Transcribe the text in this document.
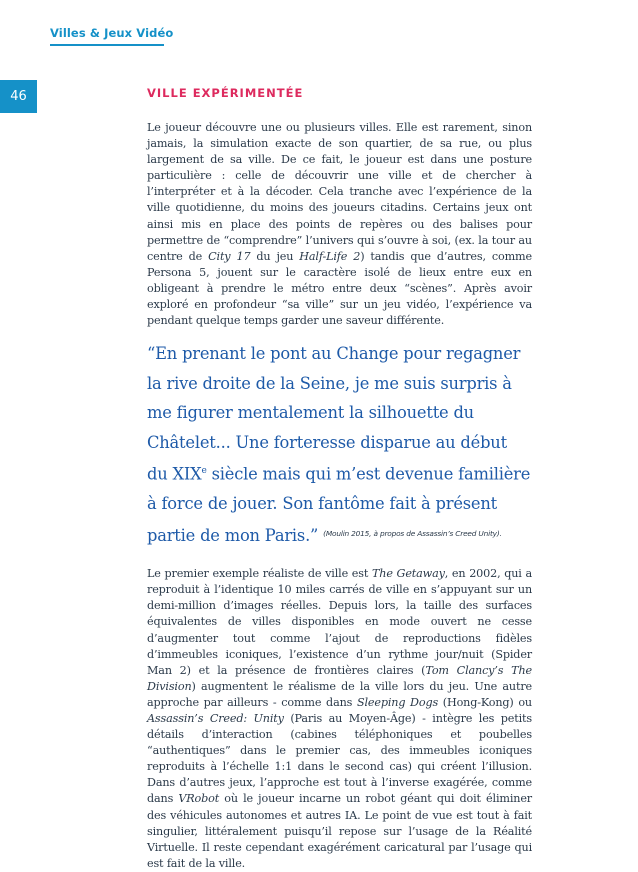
Villes & Jeux Vidéo
46	VILLE EXPÉRIMENTÉE

Le joueur découvre une ou plusieurs villes. Elle est rarement, sinon jamais, la simulation exacte de son quartier, de sa rue, ou plus largement de sa ville. De ce fait, le joueur est dans une posture particulière : celle de découvrir une ville et de chercher à l’interpréter et à la décoder. Cela tranche avec l’expérience de la ville quotidienne, du moins des joueurs citadins. Certains jeux ont ainsi mis en place des points de repères ou des balises pour permettre de “comprendre” l’univers qui s’ouvre à soi, (ex. la tour au centre de City 17 du jeu Half-Life 2) tandis que d’autres, comme Persona 5, jouent sur le caractère isolé de lieux entre eux en obligeant à prendre le métro entre deux “scènes”. Après avoir exploré en profondeur “sa ville” sur un jeu vidéo, l’expérience va pendant quelque temps garder une saveur différente.

“En prenant le pont au Change pour regagner la rive droite de la Seine, je me suis surpris à me figurer mentalement la silhouette du Châtelet... Une forteresse disparue au début du XIXe siècle mais qui m’est devenue familière à force de jouer. Son fantôme fait à présent partie de mon Paris.” $^{(Moulin 2015, à propos de Assassin’s Creed Unity).}$

Le premier exemple réaliste de ville est The Getaway, en 2002, qui a reproduit à l’identique 10 miles carrés de ville en s’appuyant sur un demi-million d’images réelles. Depuis lors, la taille des surfaces équivalentes de villes disponibles en mode ouvert ne cesse d’augmenter tout comme l’ajout de reproductions fidèles d’immeubles iconiques, l’existence d’un rythme jour/nuit (Spider Man 2) et la présence de frontières claires (Tom Clancy’s The Division) augmentent le réalisme de la ville lors du jeu. Une autre approche par ailleurs - comme dans Sleeping Dogs (Hong-Kong) ou Assassin’s Creed: Unity (Paris au Moyen-Âge) - intègre les petits détails d’interaction (cabines téléphoniques et poubelles “authentiques” dans le premier cas, des immeubles iconiques reproduits à l’échelle 1:1 dans le second cas) qui créent l’illusion. Dans d’autres jeux, l’approche est tout à l’inverse exagérée, comme dans VRobot où le joueur incarne un robot géant qui doit éliminer des véhicules autonomes et autres IA. Le point de vue est tout à fait singulier, littéralement puisqu’il repose sur l’usage de la Réalité Virtuelle. Il reste cependant exagérément caricatural par l’usage qui est fait de la ville.
